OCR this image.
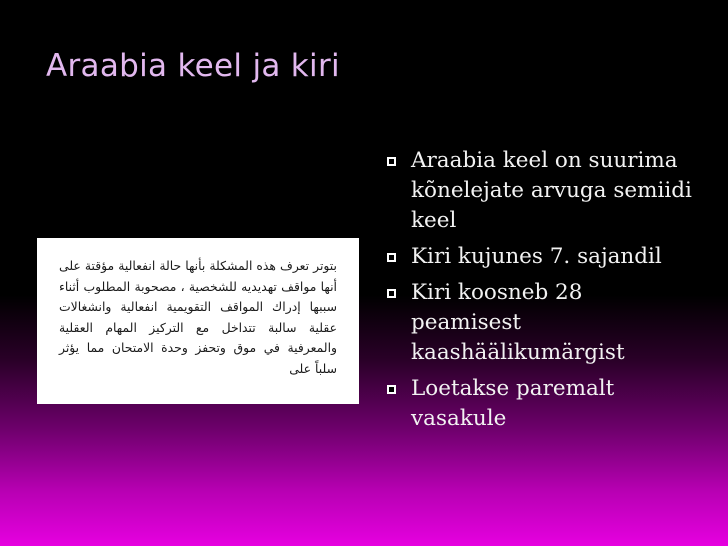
Araabia keel ja kiri
بتوتر تعرف هذه المشكلة بأنها حالة انفعالية مؤقتة على أنها مواقف تهديديه للشخصية ، مصحوبة المطلوب أثناء سببها إدراك المواقف التقويمية انفعالية وانشغالات عقلية سالبة تتداخل مع التركيز المهام العقلية والمعرفية في موق وتحفز وحدة الامتحان مما يؤثر سلباً على
Araabia keel on suurima kõnelejate arvuga semiidi keel
Kiri kujunes 7. sajandil
Kiri koosneb 28 peamisest kaashäälikumärgist
Loetakse paremalt vasakule
